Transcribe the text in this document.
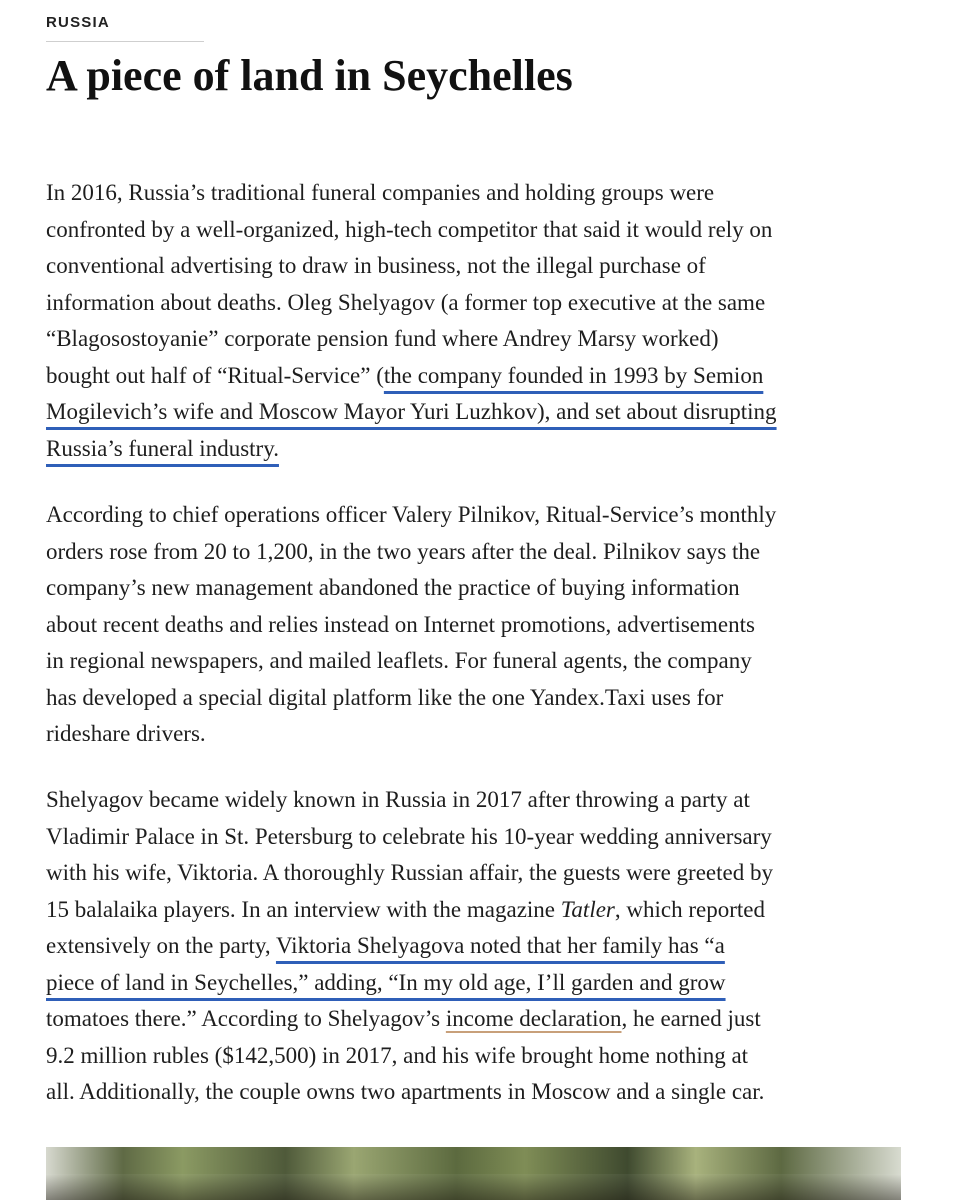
RUSSIA
A piece of land in Seychelles
In 2016, Russia’s traditional funeral companies and holding groups were
confronted by a well-organized, high-tech competitor that said it would rely on
conventional advertising to draw in business, not the illegal purchase of
information about deaths. Oleg Shelyagov (a former top executive at the same
“Blagosostoyanie” corporate pension fund where Andrey Marsy worked)
bought out half of “Ritual-Service” (the company founded in 1993 by Semion
Mogilevich’s wife and Moscow Mayor Yuri Luzhkov), and set about disrupting
Russia’s funeral industry.
According to chief operations officer Valery Pilnikov, Ritual-Service’s monthly
orders rose from 20 to 1,200, in the two years after the deal. Pilnikov says the
company’s new management abandoned the practice of buying information
about recent deaths and relies instead on Internet promotions, advertisements
in regional newspapers, and mailed leaflets. For funeral agents, the company
has developed a special digital platform like the one Yandex.Taxi uses for
rideshare drivers.
Shelyagov became widely known in Russia in 2017 after throwing a party at
Vladimir Palace in St. Petersburg to celebrate his 10-year wedding anniversary
with his wife, Viktoria. A thoroughly Russian affair, the guests were greeted by
15 balalaika players. In an interview with the magazine Tatler, which reported
extensively on the party, Viktoria Shelyagova noted that her family has “a
piece of land in Seychelles,” adding, “In my old age, I’ll garden and grow
tomatoes there.” According to Shelyagov’s income declaration, he earned just
9.2 million rubles ($142,500) in 2017, and his wife brought home nothing at
all. Additionally, the couple owns two apartments in Moscow and a single car.
